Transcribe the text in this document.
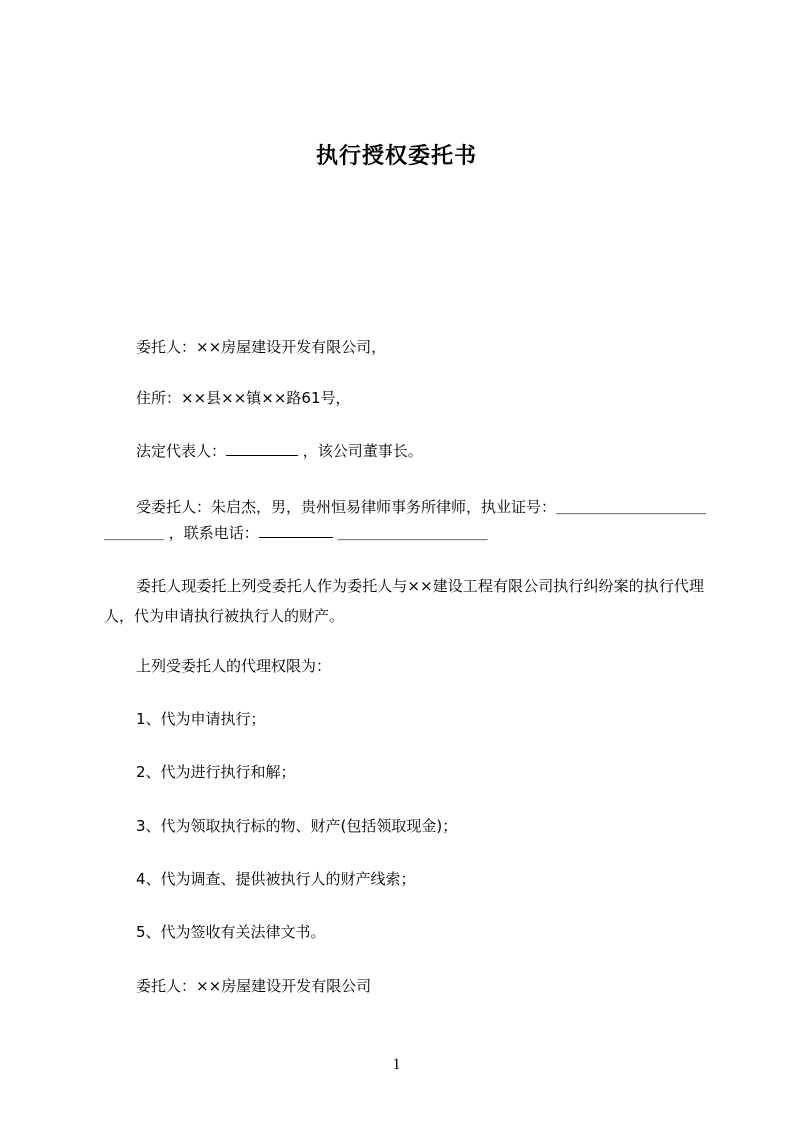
执行授权委托书
委托人：××房屋建设开发有限公司，
住所：××县××镇××路61号，
法定代表人：	，该公司董事长。
受委托人：朱启杰，男，贵州恒易律师事务所律师，执业证号：＿＿＿＿＿＿＿＿＿＿
＿＿＿＿ ，联系电话：	＿＿＿＿＿＿＿＿＿＿
委托人现委托上列受委托人作为委托人与××建设工程有限公司执行纠纷案的执行代理人，代为申请执行被执行人的财产。
上列受委托人的代理权限为：
1、代为申请执行；
2、代为进行执行和解；
3、代为领取执行标的物、财产(包括领取现金)；
4、代为调查、提供被执行人的财产线索；
5、代为签收有关法律文书。
委托人：××房屋建设开发有限公司
1
